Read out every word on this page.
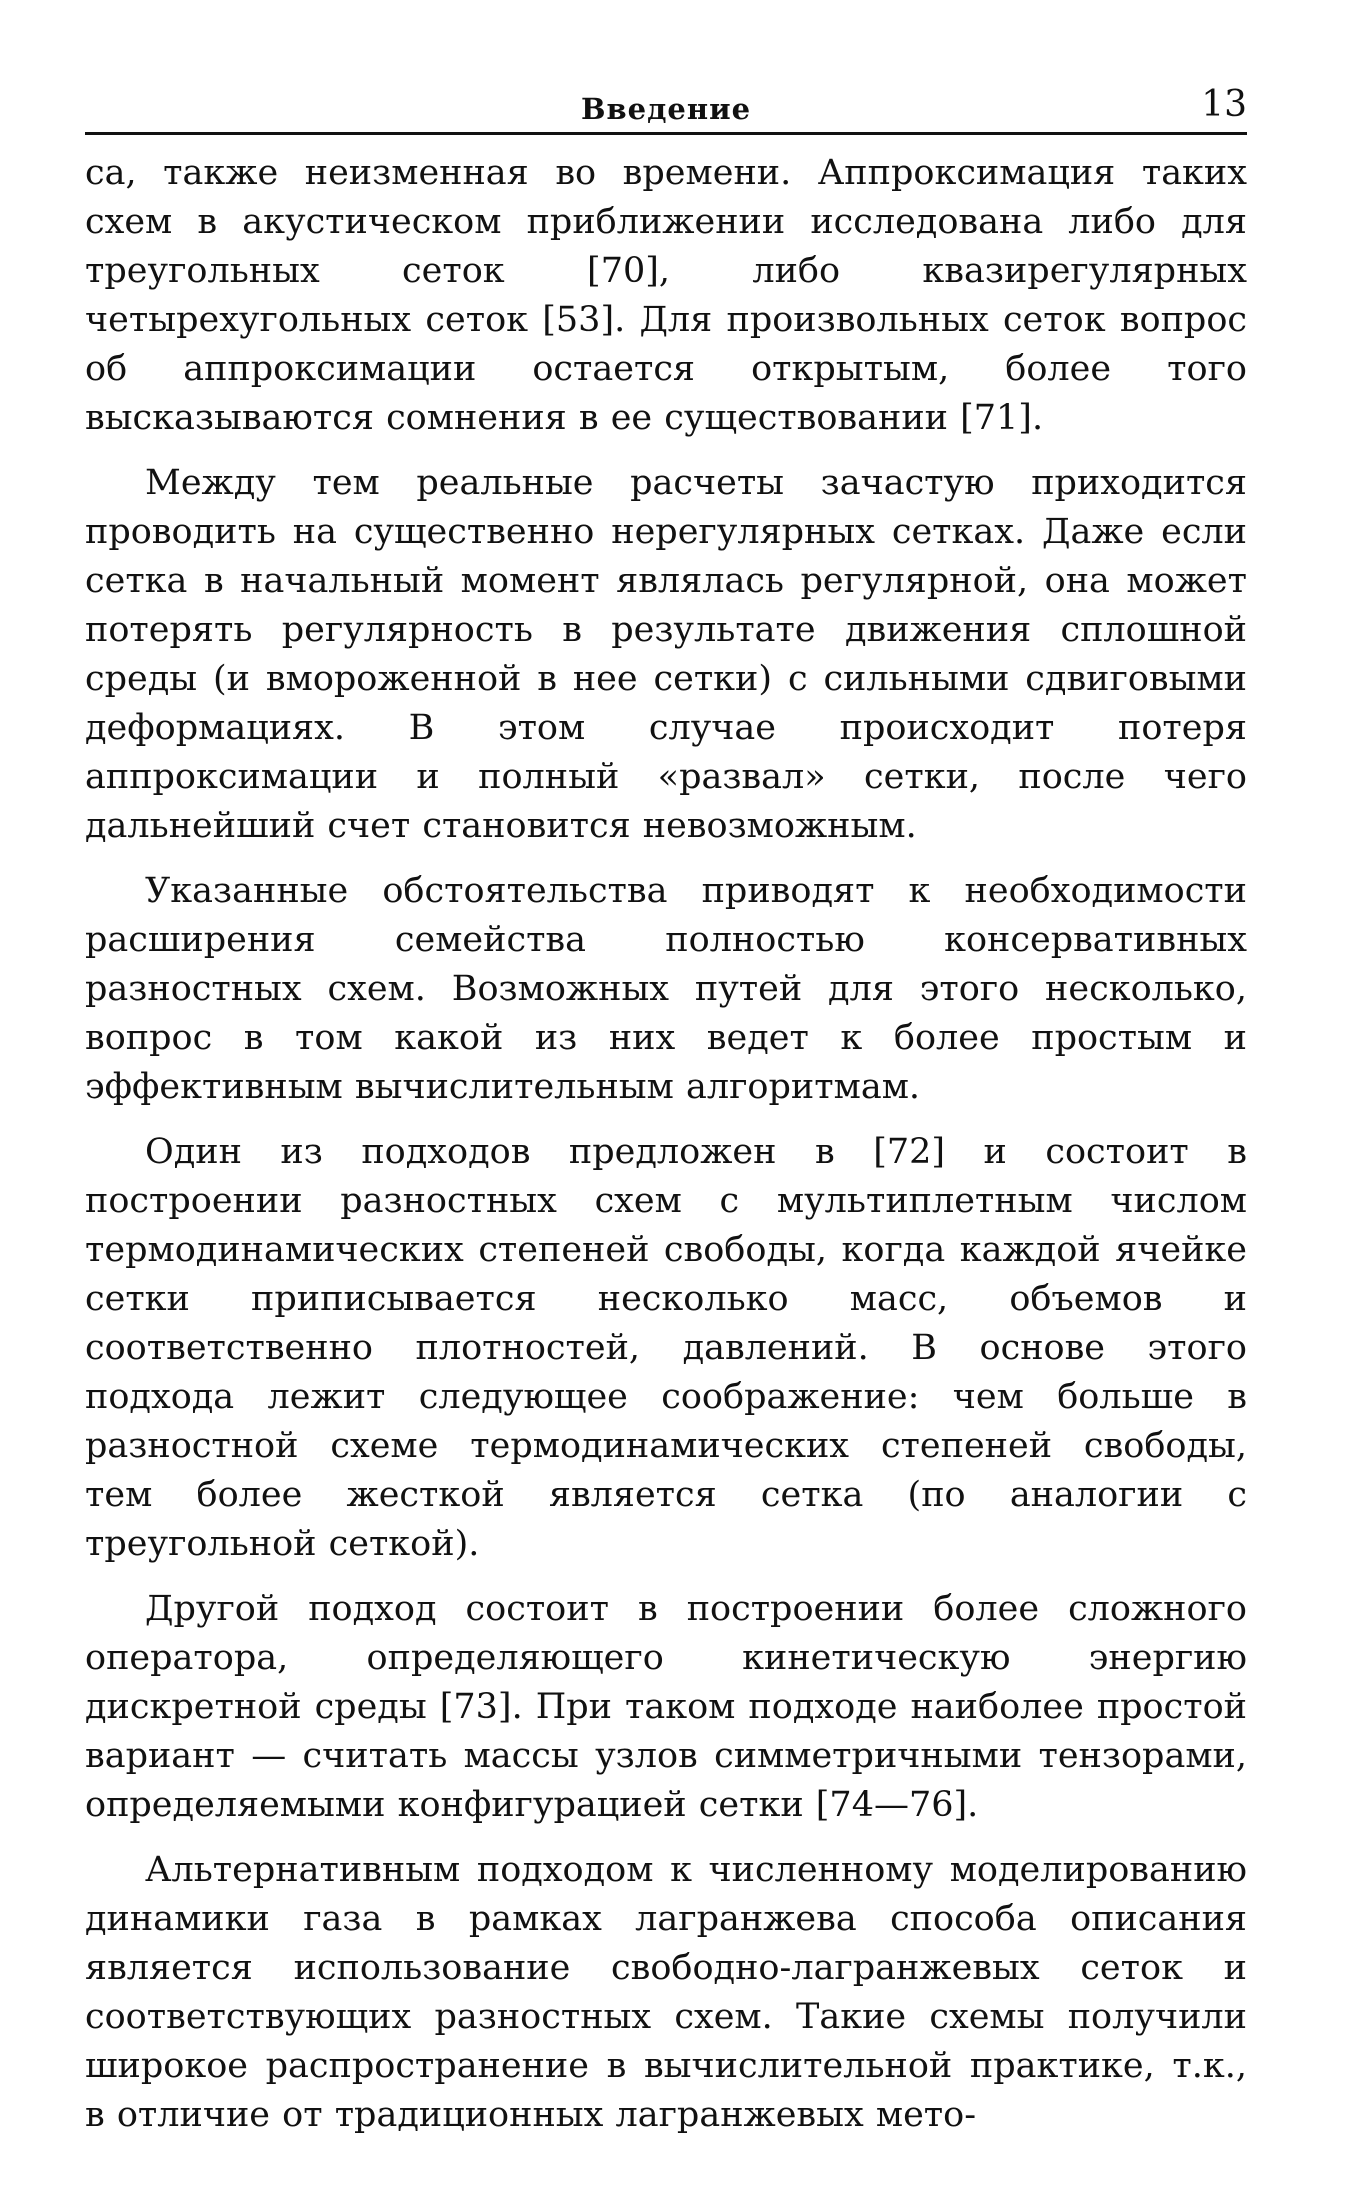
Введение	13

са, также неизменная во времени. Аппроксимация таких схем в акустическом приближении исследована либо для треугольных сеток [70], либо квазирегулярных четырехугольных сеток [53]. Для произвольных сеток вопрос об аппроксимации остается открытым, более того высказываются сомнения в ее существовании [71].

Между тем реальные расчеты зачастую приходится проводить на существенно нерегулярных сетках. Даже если сетка в начальный момент являлась регулярной, она может потерять регулярность в результате движения сплошной среды (и вмороженной в нее сетки) с сильными сдвиговыми деформациях. В этом случае происходит потеря аппроксимации и полный «развал» сетки, после чего дальнейший счет становится невозможным.

Указанные обстоятельства приводят к необходимости расширения семейства полностью консервативных разностных схем. Возможных путей для этого несколько, вопрос в том какой из них ведет к более простым и эффективным вычислительным алгоритмам.

Один из подходов предложен в [72] и состоит в построении разностных схем с мультиплетным числом термодинамических степеней свободы, когда каждой ячейке сетки приписывается несколько масс, объемов и соответственно плотностей, давлений. В основе этого подхода лежит следующее соображение: чем больше в разностной схеме термодинамических степеней свободы, тем более жесткой является сетка (по аналогии с треугольной сеткой).

Другой подход состоит в построении более сложного оператора, определяющего кинетическую энергию дискретной среды [73]. При таком подходе наиболее простой вариант — считать массы узлов симметричными тензорами, определяемыми конфигурацией сетки [74—76].

Альтернативным подходом к численному моделированию динамики газа в рамках лагранжева способа описания является использование свободно-лагранжевых сеток и соответствующих разностных схем. Такие схемы получили широкое распространение в вычислительной практике, т.к., в отличие от традиционных лагранжевых мето-
